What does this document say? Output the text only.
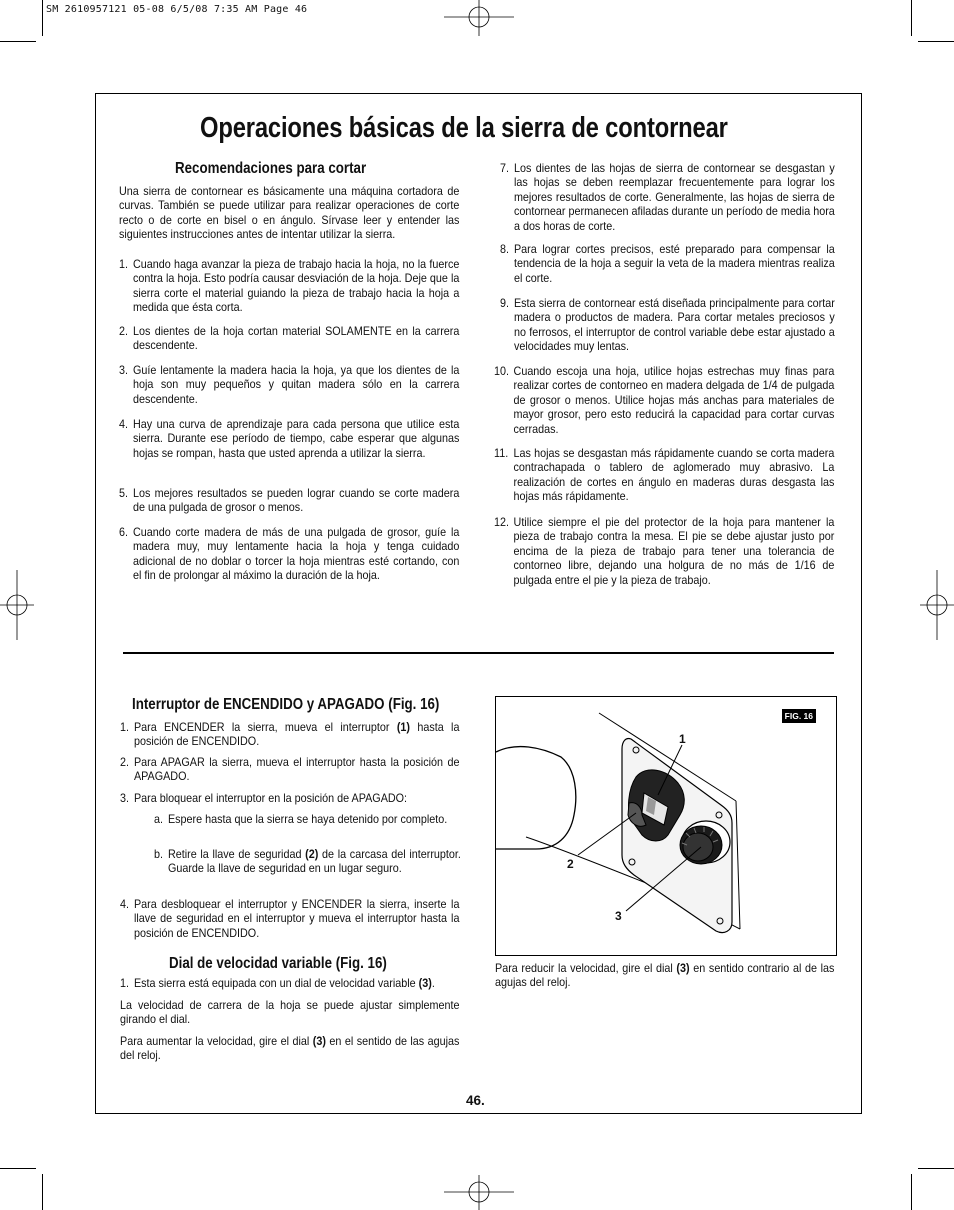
SM 2610957121 05-08 6/5/08 7:35 AM Page 46
Operaciones básicas de la sierra de contornear
Recomendaciones para cortar
Una sierra de contornear es básicamente una máquina cortadora de curvas. También se puede utilizar para realizar operaciones de corte recto o de corte en bisel o en ángulo. Sírvase leer y entender las siguientes instrucciones antes de intentar utilizar la sierra.
1. Cuando haga avanzar la pieza de trabajo hacia la hoja, no la fuerce contra la hoja. Esto podría causar desviación de la hoja. Deje que la sierra corte el material guiando la pieza de trabajo hacia la hoja a medida que ésta corta.
2. Los dientes de la hoja cortan material SOLAMENTE en la carrera descendente.
3. Guíe lentamente la madera hacia la hoja, ya que los dientes de la hoja son muy pequeños y quitan madera sólo en la carrera descendente.
4. Hay una curva de aprendizaje para cada persona que utilice esta sierra. Durante ese período de tiempo, cabe esperar que algunas hojas se rompan, hasta que usted aprenda a utilizar la sierra.
5. Los mejores resultados se pueden lograr cuando se corte madera de una pulgada de grosor o menos.
6. Cuando corte madera de más de una pulgada de grosor, guíe la madera muy, muy lentamente hacia la hoja y tenga cuidado adicional de no doblar o torcer la hoja mientras esté cortando, con el fin de prolongar al máximo la duración de la hoja.
7. Los dientes de las hojas de sierra de contornear se desgastan y las hojas se deben reemplazar frecuentemente para lograr los mejores resultados de corte. Generalmente, las hojas de sierra de contornear permanecen afiladas durante un período de media hora a dos horas de corte.
8. Para lograr cortes precisos, esté preparado para compensar la tendencia de la hoja a seguir la veta de la madera mientras realiza el corte.
9. Esta sierra de contornear está diseñada principalmente para cortar madera o productos de madera. Para cortar metales preciosos y no ferrosos, el interruptor de control variable debe estar ajustado a velocidades muy lentas.
10. Cuando escoja una hoja, utilice hojas estrechas muy finas para realizar cortes de contorneo en madera delgada de 1/4 de pulgada de grosor o menos. Utilice hojas más anchas para materiales de mayor grosor, pero esto reducirá la capacidad para cortar curvas cerradas.
11. Las hojas se desgastan más rápidamente cuando se corta madera contrachapada o tablero de aglomerado muy abrasivo. La realización de cortes en ángulo en maderas duras desgasta las hojas más rápidamente.
12. Utilice siempre el pie del protector de la hoja para mantener la pieza de trabajo contra la mesa. El pie se debe ajustar justo por encima de la pieza de trabajo para tener una tolerancia de contorneo libre, dejando una holgura de no más de 1/16 de pulgada entre el pie y la pieza de trabajo.
Interruptor de ENCENDIDO y APAGADO (Fig. 16)
1. Para ENCENDER la sierra, mueva el interruptor (1) hasta la posición de ENCENDIDO.
2. Para APAGAR la sierra, mueva el interruptor hasta la posición de APAGADO.
3. Para bloquear el interruptor en la posición de APAGADO:
a. Espere hasta que la sierra se haya detenido por completo.
b. Retire la llave de seguridad (2) de la carcasa del interruptor. Guarde la llave de seguridad en un lugar seguro.
4. Para desbloquear el interruptor y ENCENDER la sierra, inserte la llave de seguridad en el interruptor y mueva el interruptor hasta la posición de ENCENDIDO.
Dial de velocidad variable (Fig. 16)
1. Esta sierra está equipada con un dial de velocidad variable (3).
La velocidad de carrera de la hoja se puede ajustar simplemente girando el dial.
Para aumentar la velocidad, gire el dial (3) en el sentido de las agujas del reloj.
Para reducir la velocidad, gire el dial (3) en sentido contrario al de las agujas del reloj.
FIG. 16
1
2
3
46.
